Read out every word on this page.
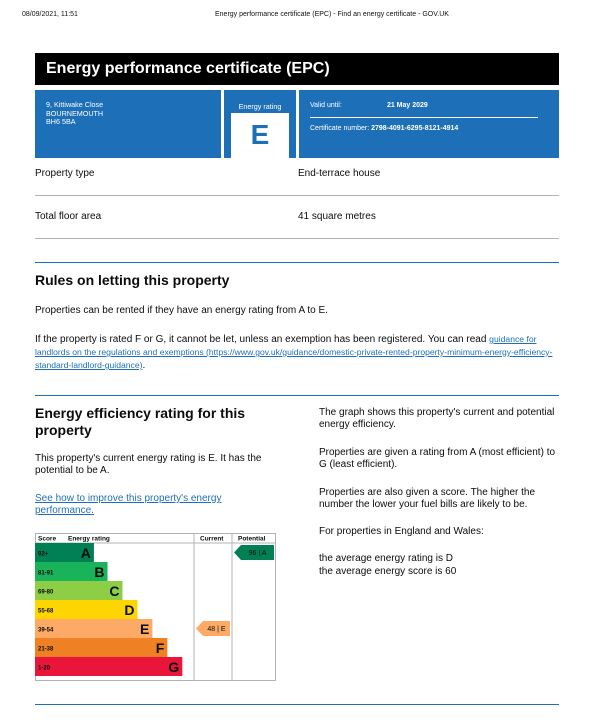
08/09/2021, 11:51	Energy performance certificate (EPC) - Find an energy certificate - GOV.UK
Energy performance certificate (EPC)
9, Kittiwake Close
BOURNEMOUTH
BH6 5BA
Energy rating
E
Valid until:	21 May 2029
Certificate number: 2798-4091-6295-8121-4914
Property type	End-terrace house
Total floor area	41 square metres
Rules on letting this property

Properties can be rented if they have an energy rating from A to E.

If the property is rated F or G, it cannot be let, unless an exemption has been registered. You can read guidance for landlords on the regulations and exemptions (https://www.gov.uk/guidance/domestic-private-rented-property-minimum-energy-efficiency-standard-landlord-guidance).

Energy efficiency rating for this property

This property's current energy rating is E. It has the potential to be A.

See how to improve this property's energy performance.

The graph shows this property's current and potential energy efficiency.

Properties are given a rating from A (most efficient) to G (least efficient).

Properties are also given a score. The higher the number the lower your fuel bills are likely to be.

For properties in England and Wales:

the average energy rating is D

the average energy score is 60

Score Energy rating	Current Potential
92+ A
81-91	B
69-80	C
55-68	D
39-54	E
21-38	F
1-20	G
48 | E
96 | A
